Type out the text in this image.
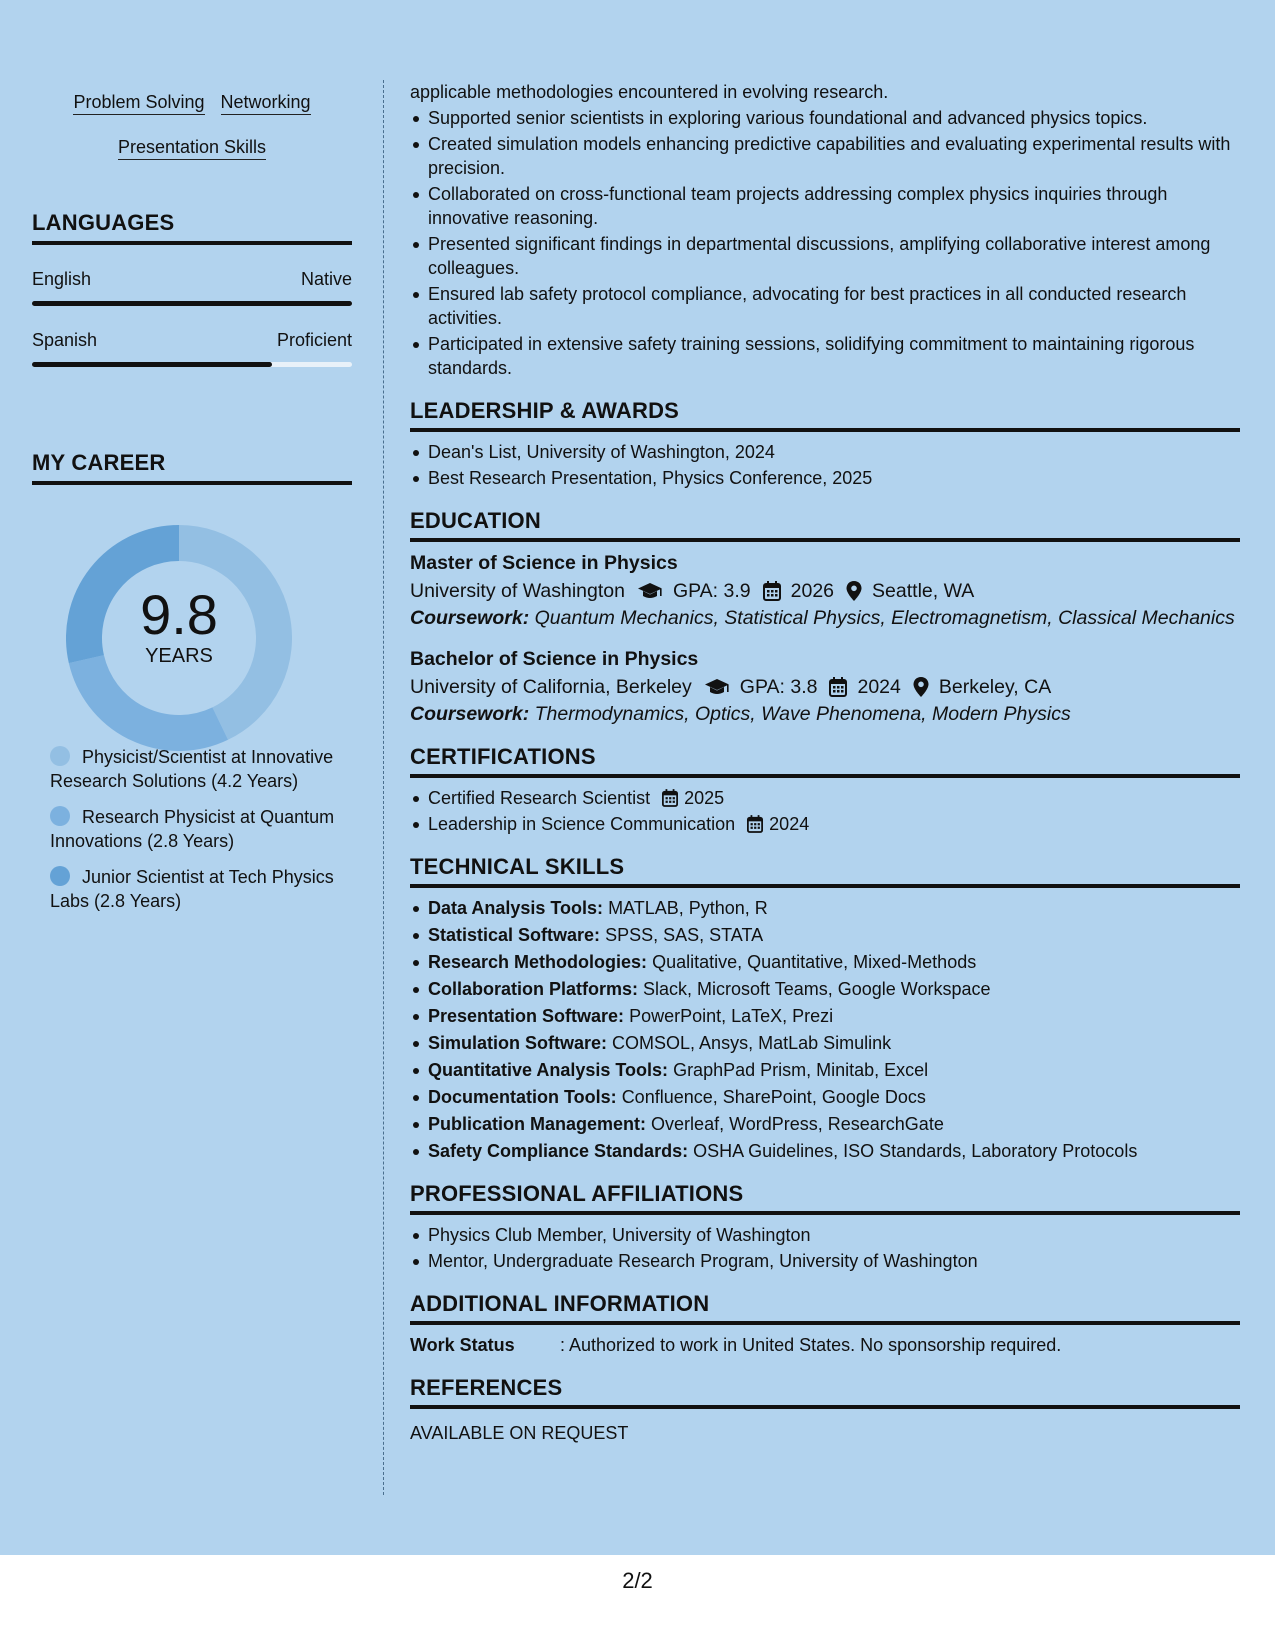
Problem Solving Networking
Presentation Skills
LANGUAGES
English	Native
Spanish	Proficient
MY CAREER
9.8
YEARS
Physicist/Scientist at Innovative Research Solutions (4.2 Years)
Research Physicist at Quantum Innovations (2.8 Years)
Junior Scientist at Tech Physics Labs (2.8 Years)
applicable methodologies encountered in evolving research.
Supported senior scientists in exploring various foundational and advanced physics topics.
Created simulation models enhancing predictive capabilities and evaluating experimental results with precision.
Collaborated on cross-functional team projects addressing complex physics inquiries through innovative reasoning.
Presented significant findings in departmental discussions, amplifying collaborative interest among colleagues.
Ensured lab safety protocol compliance, advocating for best practices in all conducted research activities.
Participated in extensive safety training sessions, solidifying commitment to maintaining rigorous standards.
LEADERSHIP & AWARDS
Dean's List, University of Washington, 2024
Best Research Presentation, Physics Conference, 2025
EDUCATION
Master of Science in Physics
University of Washington GPA: 3.9 2026 Seattle, WA
Coursework: Quantum Mechanics, Statistical Physics, Electromagnetism, Classical Mechanics
Bachelor of Science in Physics
University of California, Berkeley GPA: 3.8 2024 Berkeley, CA
Coursework: Thermodynamics, Optics, Wave Phenomena, Modern Physics
CERTIFICATIONS
Certified Research Scientist 2025
Leadership in Science Communication 2024
TECHNICAL SKILLS
Data Analysis Tools: MATLAB, Python, R
Statistical Software: SPSS, SAS, STATA
Research Methodologies: Qualitative, Quantitative, Mixed-Methods
Collaboration Platforms: Slack, Microsoft Teams, Google Workspace
Presentation Software: PowerPoint, LaTeX, Prezi
Simulation Software: COMSOL, Ansys, MatLab Simulink
Quantitative Analysis Tools: GraphPad Prism, Minitab, Excel
Documentation Tools: Confluence, SharePoint, Google Docs
Publication Management: Overleaf, WordPress, ResearchGate
Safety Compliance Standards: OSHA Guidelines, ISO Standards, Laboratory Protocols
PROFESSIONAL AFFILIATIONS
Physics Club Member, University of Washington
Mentor, Undergraduate Research Program, University of Washington
ADDITIONAL INFORMATION
Work Status	: Authorized to work in United States. No sponsorship required.
REFERENCES
AVAILABLE ON REQUEST
2/2
